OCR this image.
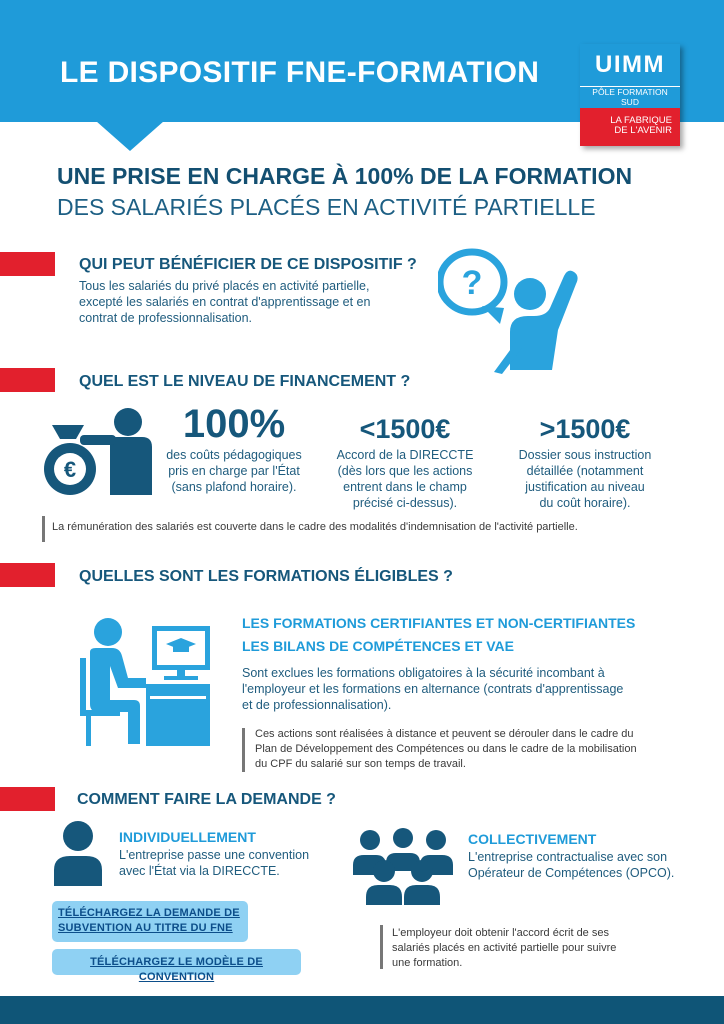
LE DISPOSITIF FNE-FORMATION	UIMM
PÔLE FORMATION
SUD
LA FABRIQUE
DE L'AVENIR
UNE PRISE EN CHARGE À 100% DE LA FORMATION
DES SALARIÉS PLACÉS EN ACTIVITÉ PARTIELLE
QUI PEUT BÉNÉFICIER DE CE DISPOSITIF ?
Tous les salariés du privé placés en activité partielle,
excepté les salariés en contrat d'apprentissage et en
contrat de professionnalisation.
?
QUEL EST LE NIVEAU DE FINANCEMENT ?
€
100%
des coûts pédagogiques
pris en charge par l'État
(sans plafond horaire).
<1500€
Accord de la DIRECCTE
(dès lors que les actions
entrent dans le champ
précisé ci-dessus).
>1500€
Dossier sous instruction
détaillée (notamment
justification au niveau
du coût horaire).
La rémunération des salariés est couverte dans le cadre des modalités d'indemnisation de l'activité partielle.
QUELLES SONT LES FORMATIONS ÉLIGIBLES ?
LES FORMATIONS CERTIFIANTES ET NON-CERTIFIANTES
LES BILANS DE COMPÉTENCES ET VAE
Sont exclues les formations obligatoires à la sécurité incombant à
l'employeur et les formations en alternance (contrats d'apprentissage
et de professionnalisation).
Ces actions sont réalisées à distance et peuvent se dérouler dans le cadre du
Plan de Développement des Compétences ou dans le cadre de la mobilisation
du CPF du salarié sur son temps de travail.
COMMENT FAIRE LA DEMANDE ?
INDIVIDUELLEMENT
L'entreprise passe une convention
avec l'État via la DIRECCTE.
COLLECTIVEMENT
L'entreprise contractualise avec son
Opérateur de Compétences (OPCO).
TÉLÉCHARGEZ LA DEMANDE DE
SUBVENTION AU TITRE DU FNE
TÉLÉCHARGEZ LE MODÈLE DE CONVENTION
L'employeur doit obtenir l'accord écrit de ses
salariés placés en activité partielle pour suivre
une formation.
